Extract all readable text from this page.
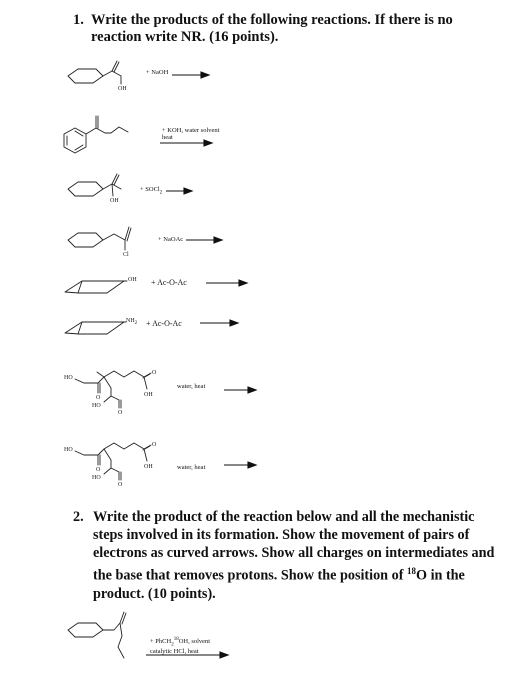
1. Write the products of the following reactions. If there is no reaction write NR. (16 points).
OH
OH
Cl
OH
$NH_2$
HO
O
HO
O
O
OH
HO
O
HO
O
O
OH
+ NaOH
+ KOH, water solvent
heat
+ SOCl$_2$
+ NaOAc
+ Ac-O-Ac
+ Ac-O-Ac
water, heat
water, heat
2. Write the product of the reaction below and all the mechanistic steps involved in its formation. Show the movement of pairs of electrons as curved arrows. Show all charges on intermediates and the base that removes protons. Show the position of $^{18}$O in the product. (10 points).
+ PhCH$_2^{18}$OH, solvent
catalytic HCl, heat
